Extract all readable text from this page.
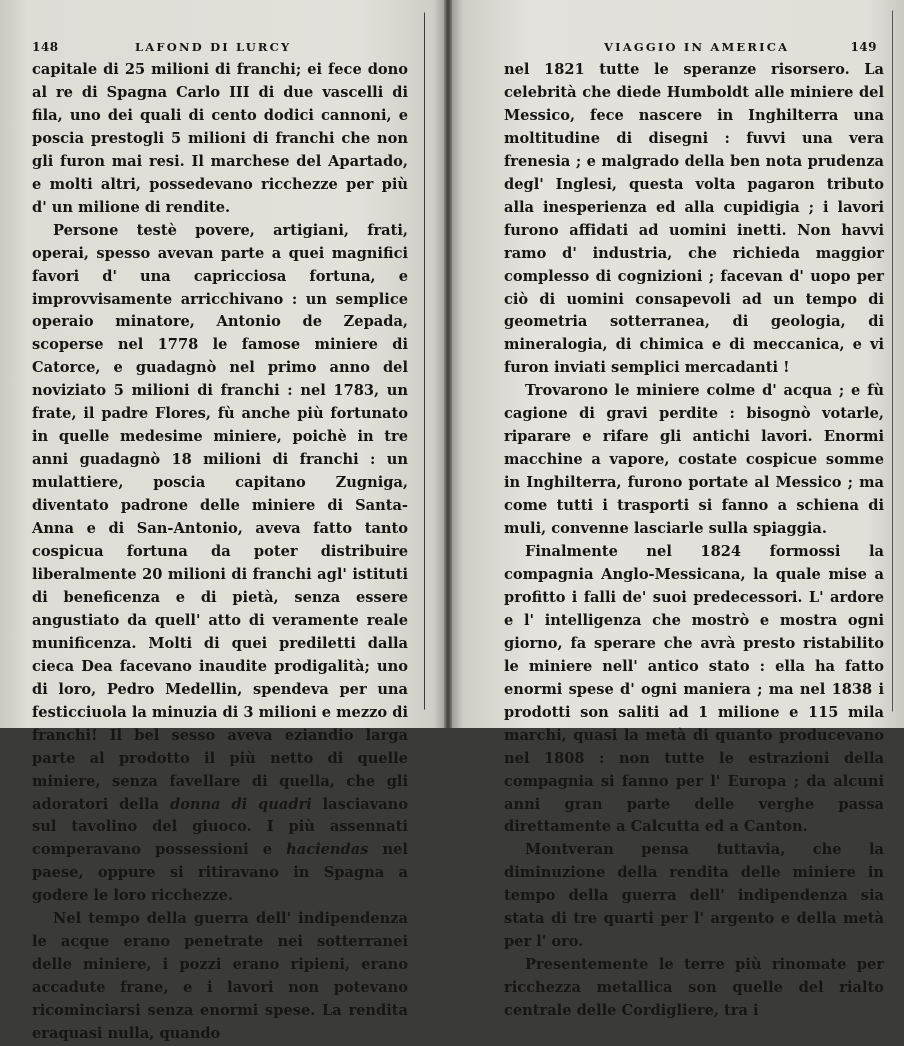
148	LAFOND DI LURCY

capitale di 25 milioni di franchi; ei fece dono al re di Spagna Carlo III di due vascelli di fila, uno dei quali di cento dodici cannoni, e poscia prestogli 5 milioni di franchi che non gli furon mai resi. Il marchese del Apartado, e molti altri, possedevano ricchezze per più d' un milione di rendite.

Persone testè povere, artigiani, frati, operai, spesso avevan parte a quei magnifici favori d' una capricciosa fortuna, e improvvisamente arricchivano : un semplice operaio minatore, Antonio de Zepada, scoperse nel 1778 le famose miniere di Catorce, e guadagnò nel primo anno del noviziato 5 milioni di franchi : nel 1783, un frate, il padre Flores, fù anche più fortunato in quelle medesime miniere, poichè in tre anni guadagnò 18 milioni di franchi : un mulattiere, poscia capitano Zugniga, diventato padrone delle miniere di Santa-Anna e di San-Antonio, aveva fatto tanto cospicua fortuna da poter distribuire liberalmente 20 milioni di franchi agl' istituti di beneficenza e di pietà, senza essere angustiato da quell' atto di veramente reale munificenza. Molti di quei prediletti dalla cieca Dea facevano inaudite prodigalità; uno di loro, Pedro Medellin, spendeva per una festicciuola la minuzia di 3 milioni e mezzo di franchi! Il bel sesso aveva eziandio larga parte al prodotto il più netto di quelle miniere, senza favellare di quella, che gli adoratori della donna di quadri lasciavano sul tavolino del giuoco. I più assennati comperavano possessioni e haciendas nel paese, oppure si ritiravano in Spagna a godere le loro ricchezze.

Nel tempo della guerra dell' indipendenza le acque erano penetrate nei sotterranei delle miniere, i pozzi erano ripieni, erano accadute frane, e i lavori non potevano ricominciarsi senza enormi spese. La rendita eraquasi nulla, quando

VIAGGIO IN AMERICA	149

nel 1821 tutte le speranze risorsero. La celebrità che diede Humboldt alle miniere del Messico, fece nascere in Inghilterra una moltitudine di disegni : fuvvi una vera frenesia ; e malgrado della ben nota prudenza degl' Inglesi, questa volta pagaron tributo alla inesperienza ed alla cupidigia ; i lavori furono affidati ad uomini inetti. Non havvi ramo d' industria, che richieda maggior complesso di cognizioni ; facevan d' uopo per ciò di uomini consapevoli ad un tempo di geometria sotterranea, di geologia, di mineralogia, di chimica e di meccanica, e vi furon inviati semplici mercadanti !

Trovarono le miniere colme d' acqua ; e fù cagione di gravi perdite : bisognò votarle, riparare e rifare gli antichi lavori. Enormi macchine a vapore, costate cospicue somme in Inghilterra, furono portate al Messico ; ma come tutti i trasporti si fanno a schiena di muli, convenne lasciarle sulla spiaggia.

Finalmente nel 1824 formossi la compagnia Anglo-Messicana, la quale mise a profitto i falli de' suoi predecessori. L' ardore e l' intelligenza che mostrò e mostra ogni giorno, fa sperare che avrà presto ristabilito le miniere nell' antico stato : ella ha fatto enormi spese d' ogni maniera ; ma nel 1838 i prodotti son saliti ad 1 milione e 115 mila marchi, quasi la metà di quanto producevano nel 1808 : non tutte le estrazioni della compagnia si fanno per l' Europa ; da alcuni anni gran parte delle verghe passa direttamente a Calcutta ed a Canton.

Montveran pensa tuttavia, che la diminuzione della rendita delle miniere in tempo della guerra dell' indipendenza sia stata di tre quarti per l' argento e della metà per l' oro.

Presentemente le terre più rinomate per ricchezza metallica son quelle del rialto centrale delle Cordigliere, tra i
